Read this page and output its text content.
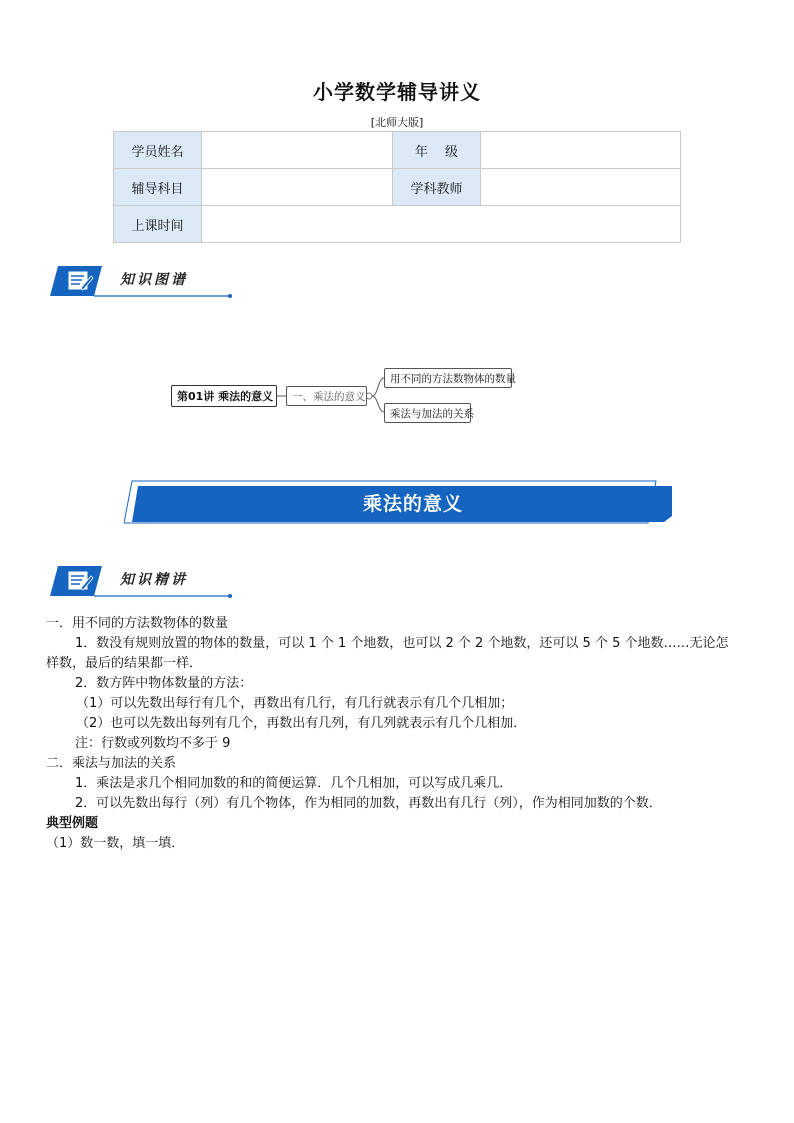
小学数学辅导讲义
[北师大版]
学员姓名		年　 级	
辅导科目		学科教师	
上课时间			
知识图谱
第01讲 乘法的意义	一、乘法的意义
用不同的方法数物体的数量
乘法与加法的关系
乘法的意义
知识精讲

一．用不同的方法数物体的数量

1．数没有规则放置的物体的数量，可以 1 个 1 个地数，也可以 2 个 2 个地数，还可以 5 个 5 个地数……无论怎

样数，最后的结果都一样．

2．数方阵中物体数量的方法：

（1）可以先数出每行有几个，再数出有几行，有几行就表示有几个几相加；

（2）也可以先数出每列有几个，再数出有几列，有几列就表示有几个几相加．

注：行数或列数均不多于 9

二．乘法与加法的关系

1．乘法是求几个相同加数的和的简便运算．几个几相加，可以写成几乘几．

2．可以先数出每行（列）有几个物体，作为相同的加数，再数出有几行（列），作为相同加数的个数．

典型例题

（1）数一数，填一填．
